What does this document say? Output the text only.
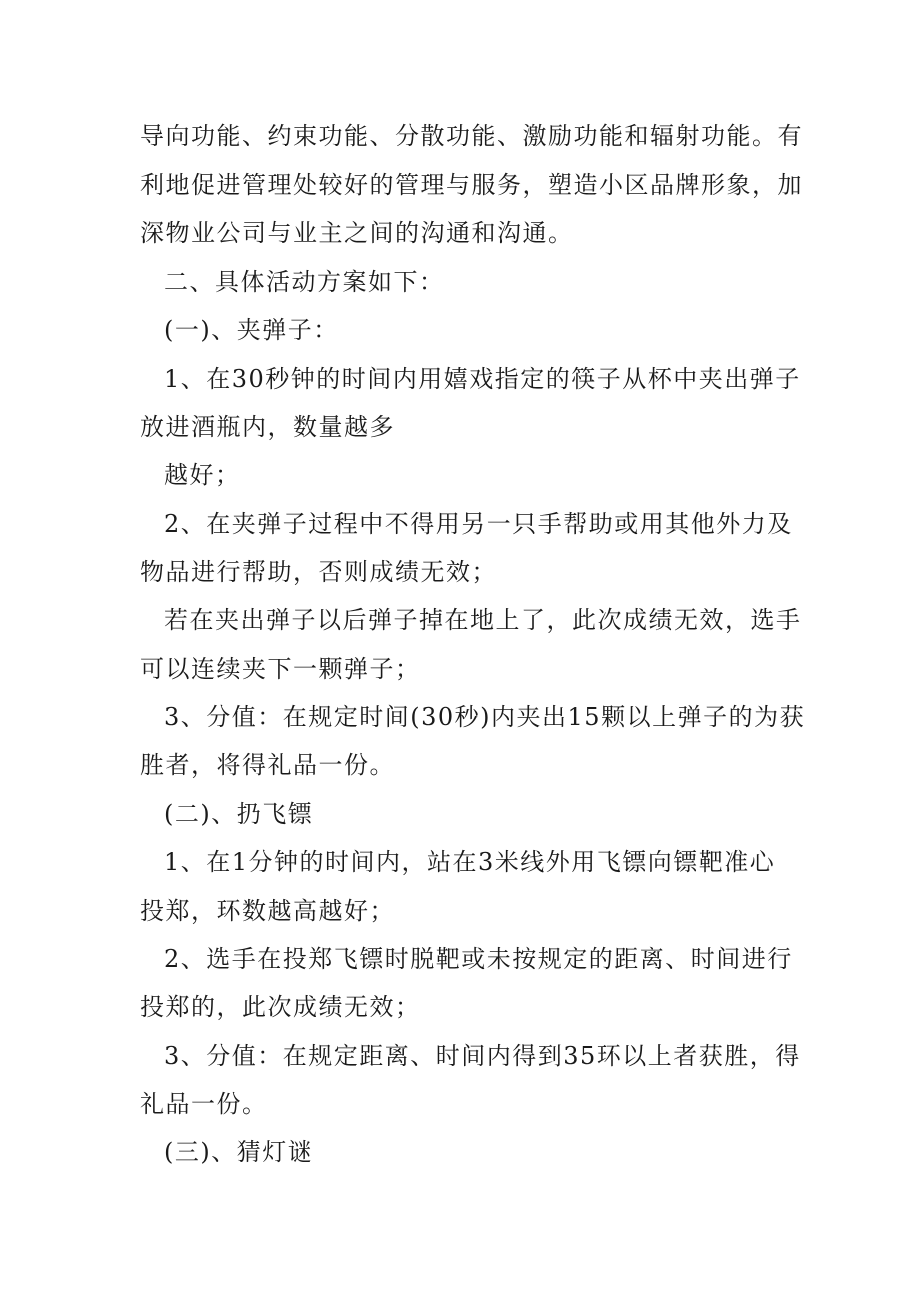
导向功能、约束功能、分散功能、激励功能和辐射功能。有

利地促进管理处较好的管理与服务，塑造小区品牌形象，加

深物业公司与业主之间的沟通和沟通。

二、具体活动方案如下：

(一)、夹弹子：

1、在30秒钟的时间内用嬉戏指定的筷子从杯中夹出弹子

放进酒瓶内，数量越多

越好；

2、在夹弹子过程中不得用另一只手帮助或用其他外力及

物品进行帮助，否则成绩无效；

若在夹出弹子以后弹子掉在地上了，此次成绩无效，选手

可以连续夹下一颗弹子；

3、分值：在规定时间(30秒)内夹出15颗以上弹子的为获

胜者，将得礼品一份。

(二)、扔飞镖

1、在1分钟的时间内，站在3米线外用飞镖向镖靶准心

投郑，环数越高越好；

2、选手在投郑飞镖时脱靶或未按规定的距离、时间进行

投郑的，此次成绩无效；

3、分值：在规定距离、时间内得到35环以上者获胜，得

礼品一份。

(三)、猜灯谜
